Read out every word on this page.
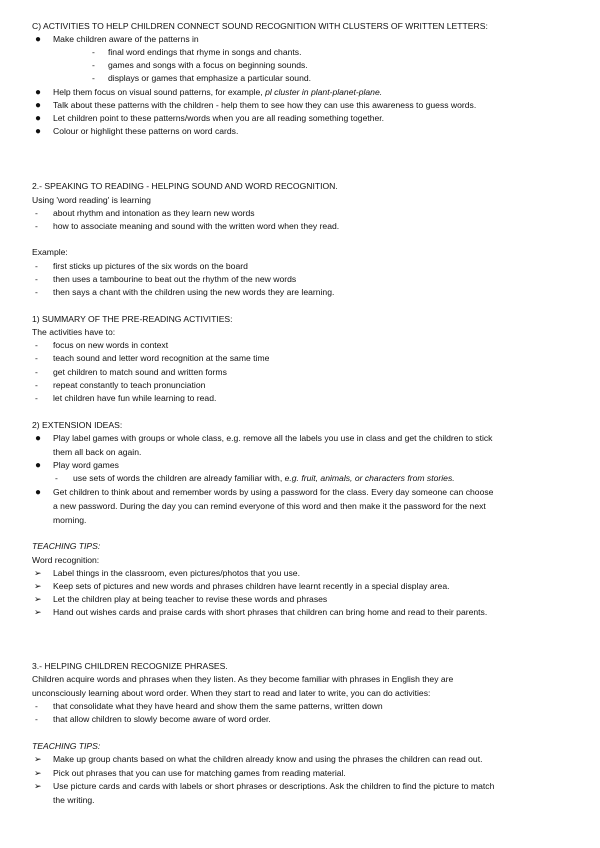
C) ACTIVITIES TO HELP CHILDREN CONNECT SOUND RECOGNITION WITH CLUSTERS OF WRITTEN LETTERS:
● Make children aware of the patterns in
- final word endings that rhyme in songs and chants.
- games and songs with a focus on beginning sounds.
- displays or games that emphasize a particular sound.
● Help them focus on visual sound patterns, for example, pl cluster in plant-planet-plane.
● Talk about these patterns with the children - help them to see how they can use this awareness to guess words.
● Let children point to these patterns/words when you are all reading something together.
● Colour or highlight these patterns on word cards.
2.- SPEAKING TO READING - HELPING SOUND AND WORD RECOGNITION.
Using 'word reading' is learning
- about rhythm and intonation as they learn new words
- how to associate meaning and sound with the written word when they read.
Example:
- first sticks up pictures of the six words on the board
- then uses a tambourine to beat out the rhythm of the new words
- then says a chant with the children using the new words they are learning.
1) SUMMARY OF THE PRE-READING ACTIVITIES:
The activities have to:
- focus on new words in context
- teach sound and letter word recognition at the same time
- get children to match sound and written forms
- repeat constantly to teach pronunciation
- let children have fun while learning to read.
2) EXTENSION IDEAS:
● Play label games with groups or whole class, e.g. remove all the labels you use in class and get the children to stick
them all back on again.
● Play word games
- use sets of words the children are already familiar with, e.g. fruit, animals, or characters from stories.
● Get children to think about and remember words by using a password for the class. Every day someone can choose
a new password. During the day you can remind everyone of this word and then make it the password for the next
morning.
TEACHING TIPS:
Word recognition:
➢ Label things in the classroom, even pictures/photos that you use.
➢ Keep sets of pictures and new words and phrases children have learnt recently in a special display area.
➢ Let the children play at being teacher to revise these words and phrases
➢ Hand out wishes cards and praise cards with short phrases that children can bring home and read to their parents.
3.- HELPING CHILDREN RECOGNIZE PHRASES.
Children acquire words and phrases when they listen. As they become familiar with phrases in English they are
unconsciously learning about word order. When they start to read and later to write, you can do activities:
- that consolidate what they have heard and show them the same patterns, written down
- that allow children to slowly become aware of word order.
TEACHING TIPS:
➢ Make up group chants based on what the children already know and using the phrases the children can read out.
➢ Pick out phrases that you can use for matching games from reading material.
➢ Use picture cards and cards with labels or short phrases or descriptions. Ask the children to find the picture to match
the writing.
